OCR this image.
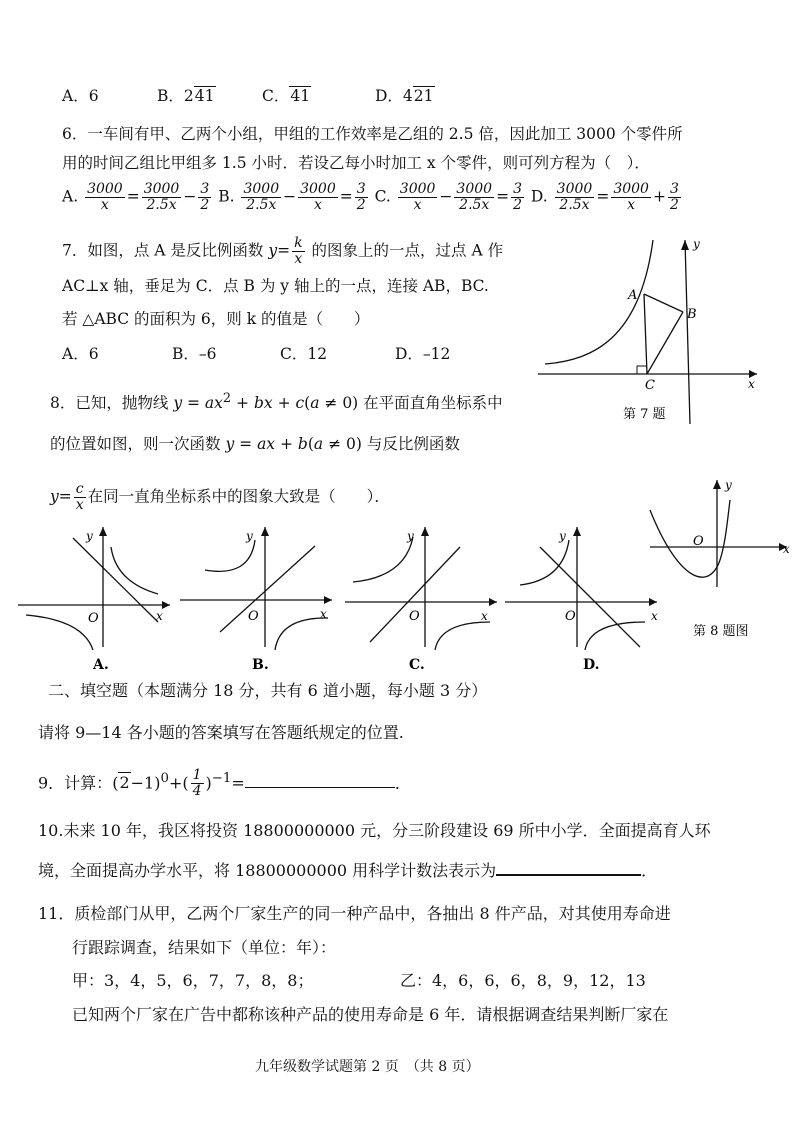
A．6	B．241	C．41	D．421
6．一车间有甲、乙两个小组，甲组的工作效率是乙组的 2.5 倍，因此加工 3000 个零件所
用的时间乙组比甲组多 1.5 小时．若设乙每小时加工 x 个零件，则可列方程为（　）．
A. $\frac{3000}{x} = \frac{3000}{2.5x} - \frac{3}{2} B$. $\frac{3000}{2.5x} - \frac{3000}{x} = \frac{3}{2} C$. $\frac{3000}{x} - \frac{3000}{2.5x} = \frac{3}{2} D$. $\frac{3000}{2.5x} = \frac{3000}{x} + \frac{3}{2}$
7．如图，点 A 是反比例函数 $y= \frac{k}{x}$ 的图象上的一点，过点 A 作
AC⊥x 轴，垂足为 C．点 B 为 y 轴上的一点，连接 AB，BC.
若 △ABC 的面积为 6，则 k 的值是（　　）
A．6	B．–6	C．12	D．–12
A
B
C
y
x
第 7 题
8．已知，抛物线 $y = ax^2$ + bx + c(a ≠ 0) 在平面直角坐标系中
的位置如图，则一次函数 y = ax + b(a ≠ 0) 与反比例函数
$y= \frac{c}{x}$ 在同一直角坐标系中的图象大致是（　　）．
y
O	x
A.
y
O	x
B.
y
O	x
C.
y
O	x
D.
y
O	x
第 8 题图
二、填空题（本题满分 18 分，共有 6 道小题，每小题 3 分）
请将 9—14 各小题的答案填写在答题纸规定的位置.
9．计算：$(2-1)^0+( \frac{1}{4} )^{-1}=$	．
10.未来 10 年，我区将投资 18800000000 元，分三阶段建设 69 所中小学．全面提高育人环
境，全面提高办学水平，将 18800000000 用科学计数法表示为	．
11．质检部门从甲，乙两个厂家生产的同一种产品中，各抽出 8 件产品，对其使用寿命进
行跟踪调查，结果如下（单位：年）：
甲：3，4，5，6，7，7，8，8；	乙：4，6，6，6，8，9，12，13
已知两个厂家在广告中都称该种产品的使用寿命是 6 年．请根据调查结果判断厂家在
九年级数学试题第 2 页　（共 8 页）
